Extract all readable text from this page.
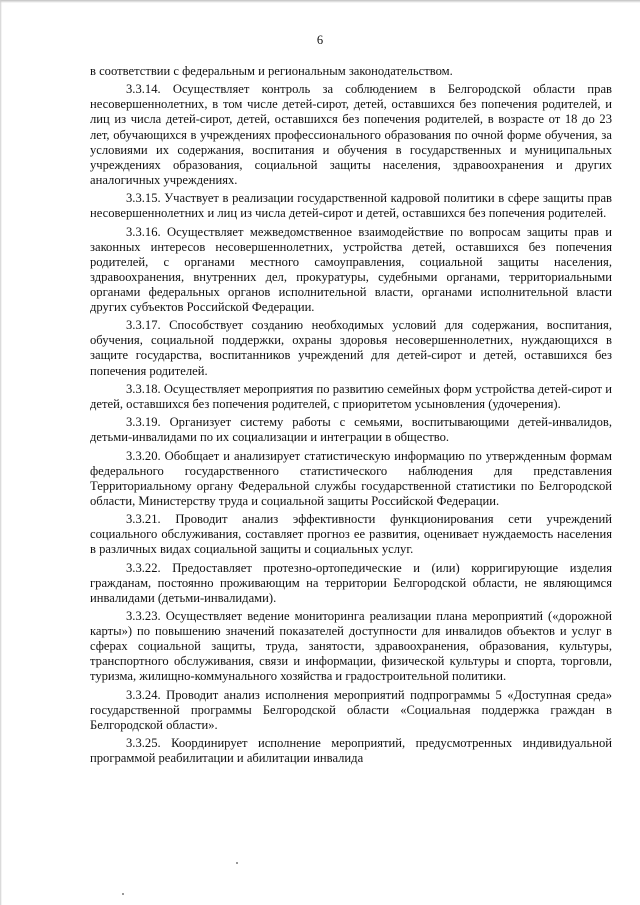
6

в соответствии с федеральным и региональным законодательством.

3.3.14. Осуществляет контроль за соблюдением в Белгородской области прав несовершеннолетних, в том числе детей-сирот, детей, оставшихся без попечения родителей, и лиц из числа детей-сирот, детей, оставшихся без попечения родителей, в возрасте от 18 до 23 лет, обучающихся в учреждениях профессионального образования по очной форме обучения, за условиями их содержания, воспитания и обучения в государственных и муниципальных учреждениях образования, социальной защиты населения, здравоохранения и других аналогичных учреждениях.

3.3.15. Участвует в реализации государственной кадровой политики в сфере защиты прав несовершеннолетних и лиц из числа детей-сирот и детей, оставшихся без попечения родителей.

3.3.16. Осуществляет межведомственное взаимодействие по вопросам защиты прав и законных интересов несовершеннолетних, устройства детей, оставшихся без попечения родителей, с органами местного самоуправления, социальной защиты населения, здравоохранения, внутренних дел, прокуратуры, судебными органами, территориальными органами федеральных органов исполнительной власти, органами исполнительной власти других субъектов Российской Федерации.

3.3.17. Способствует созданию необходимых условий для содержания, воспитания, обучения, социальной поддержки, охраны здоровья несовершеннолетних, нуждающихся в защите государства, воспитанников учреждений для детей-сирот и детей, оставшихся без попечения родителей.

3.3.18. Осуществляет мероприятия по развитию семейных форм устройства детей-сирот и детей, оставшихся без попечения родителей, с приоритетом усыновления (удочерения).

3.3.19. Организует систему работы с семьями, воспитывающими детей-инвалидов, детьми-инвалидами по их социализации и интеграции в общество.

3.3.20. Обобщает и анализирует статистическую информацию по утвержденным формам федерального государственного статистического наблюдения для представления Территориальному органу Федеральной службы государственной статистики по Белгородской области, Министерству труда и социальной защиты Российской Федерации.

3.3.21. Проводит анализ эффективности функционирования сети учреждений социального обслуживания, составляет прогноз ее развития, оценивает нуждаемость населения в различных видах социальной защиты и социальных услуг.

3.3.22. Предоставляет протезно-ортопедические и (или) корригирующие изделия гражданам, постоянно проживающим на территории Белгородской области, не являющимся инвалидами (детьми-инвалидами).

3.3.23. Осуществляет ведение мониторинга реализации плана мероприятий («дорожной карты») по повышению значений показателей доступности для инвалидов объектов и услуг в сферах социальной защиты, труда, занятости, здравоохранения, образования, культуры, транспортного обслуживания, связи и информации, физической культуры и спорта, торговли, туризма, жилищно-коммунального хозяйства и градостроительной политики.

3.3.24. Проводит анализ исполнения мероприятий подпрограммы 5 «Доступная среда» государственной программы Белгородской области «Социальная поддержка граждан в Белгородской области».

3.3.25. Координирует исполнение мероприятий, предусмотренных индивидуальной программой реабилитации и абилитации инвалида
